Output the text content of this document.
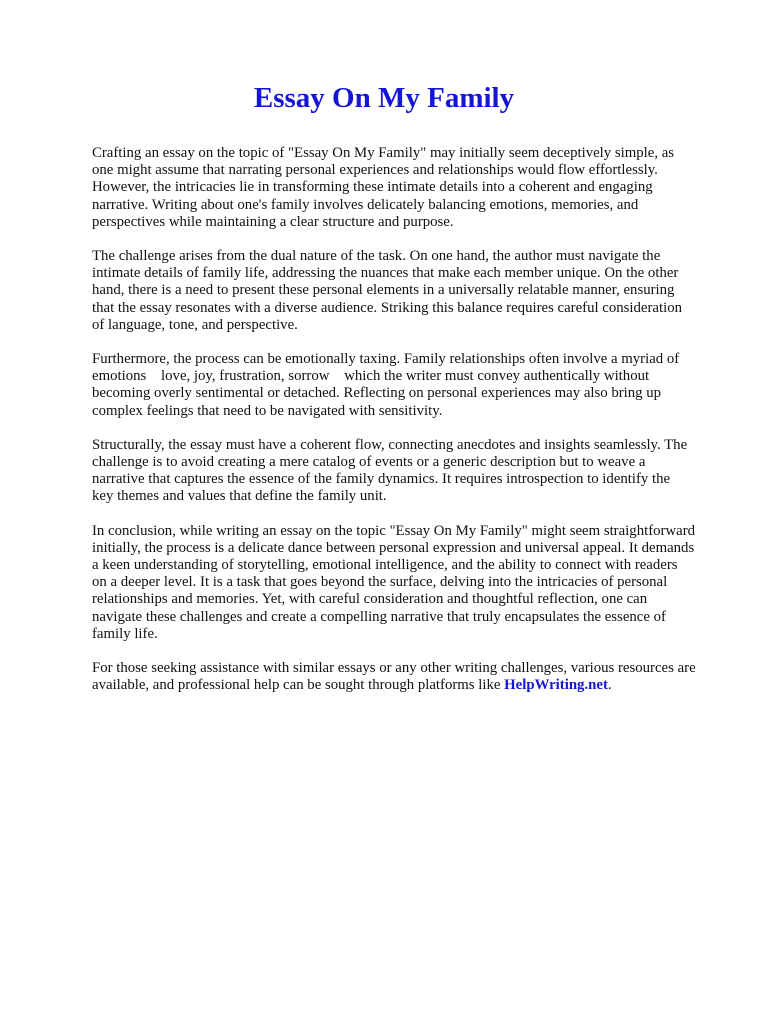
Essay On My Family

Crafting an essay on the topic of "Essay On My Family" may initially seem deceptively simple, as
one might assume that narrating personal experiences and relationships would flow effortlessly.
However, the intricacies lie in transforming these intimate details into a coherent and engaging
narrative. Writing about one's family involves delicately balancing emotions, memories, and
perspectives while maintaining a clear structure and purpose.

The challenge arises from the dual nature of the task. On one hand, the author must navigate the
intimate details of family life, addressing the nuances that make each member unique. On the other
hand, there is a need to present these personal elements in a universally relatable manner, ensuring
that the essay resonates with a diverse audience. Striking this balance requires careful consideration
of language, tone, and perspective.

Furthermore, the process can be emotionally taxing. Family relationships often involve a myriad of
emotions    love, joy, frustration, sorrow    which the writer must convey authentically without
becoming overly sentimental or detached. Reflecting on personal experiences may also bring up
complex feelings that need to be navigated with sensitivity.

Structurally, the essay must have a coherent flow, connecting anecdotes and insights seamlessly. The
challenge is to avoid creating a mere catalog of events or a generic description but to weave a
narrative that captures the essence of the family dynamics. It requires introspection to identify the
key themes and values that define the family unit.

In conclusion, while writing an essay on the topic "Essay On My Family" might seem straightforward
initially, the process is a delicate dance between personal expression and universal appeal. It demands
a keen understanding of storytelling, emotional intelligence, and the ability to connect with readers
on a deeper level. It is a task that goes beyond the surface, delving into the intricacies of personal
relationships and memories. Yet, with careful consideration and thoughtful reflection, one can
navigate these challenges and create a compelling narrative that truly encapsulates the essence of
family life.

For those seeking assistance with similar essays or any other writing challenges, various resources are
available, and professional help can be sought through platforms like HelpWriting.net.
